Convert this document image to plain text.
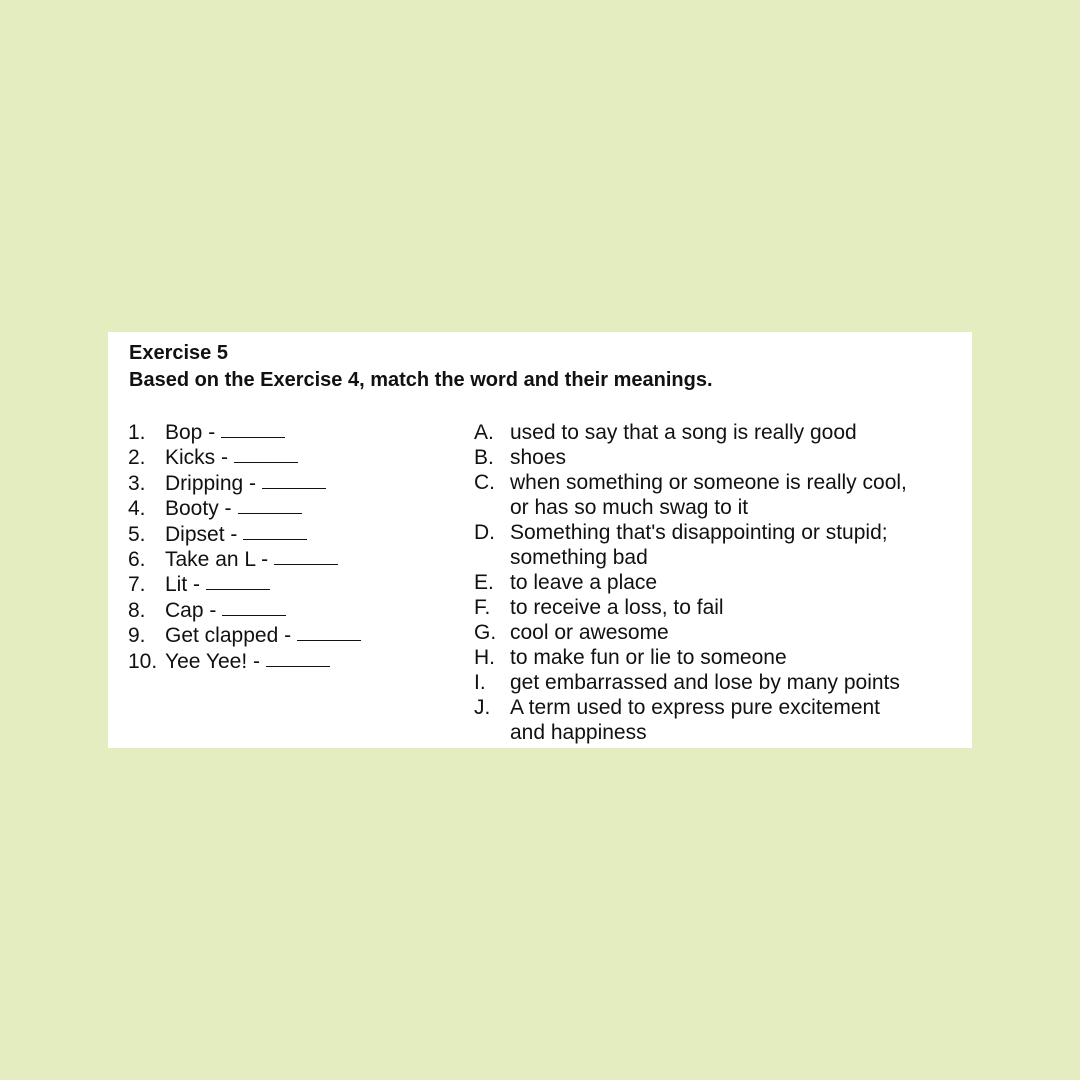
Exercise 5
Based on the Exercise 4, match the word and their meanings.
1. Bop -
2. Kicks -
3. Dripping -
4. Booty -
5. Dipset -
6. Take an L -
7. Lit -
8. Cap -
9. Get clapped -
10. Yee Yee! -
A. used to say that a song is really good
B. shoes
C. when something or someone is really cool,
or has so much swag to it
D. Something that's disappointing or stupid;
something bad
E. to leave a place
F. to receive a loss, to fail
G. cool or awesome
H. to make fun or lie to someone
I.	get embarrassed and lose by many points
J. A term used to express pure excitement
and happiness
